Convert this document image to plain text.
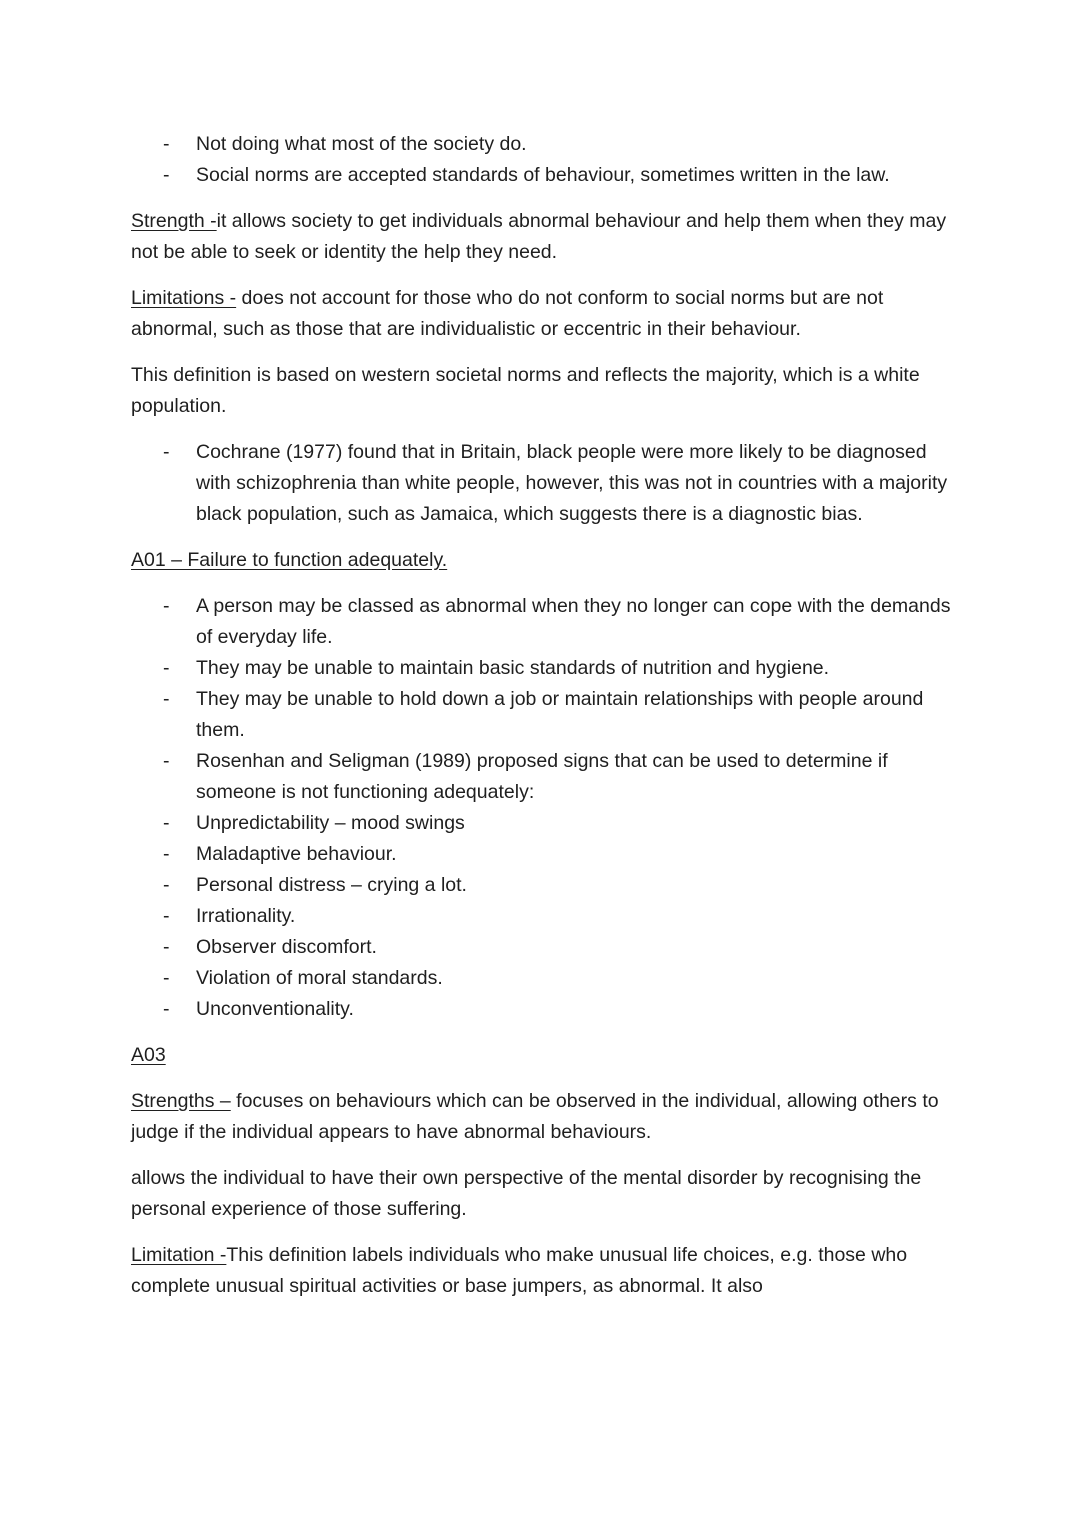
- Not doing what most of the society do.
- Social norms are accepted standards of behaviour, sometimes written in the law.

Strength -it allows society to get individuals abnormal behaviour and help them when they may not be able to seek or identity the help they need.

Limitations - does not account for those who do not conform to social norms but are not abnormal, such as those that are individualistic or eccentric in their behaviour.

This definition is based on western societal norms and reflects the majority, which is a white population.

- Cochrane (1977) found that in Britain, black people were more likely to be diagnosed with schizophrenia than white people, however, this was not in countries with a majority black population, such as Jamaica, which suggests there is a diagnostic bias.
A01 – Failure to function adequately.
- A person may be classed as abnormal when they no longer can cope with the demands of everyday life.
- They may be unable to maintain basic standards of nutrition and hygiene.
- They may be unable to hold down a job or maintain relationships with people around them.
- Rosenhan and Seligman (1989) proposed signs that can be used to determine if someone is not functioning adequately:
- Unpredictability – mood swings
- Maladaptive behaviour.
- Personal distress – crying a lot.
- Irrationality.
- Observer discomfort.
- Violation of moral standards.
- Unconventionality.
A03

Strengths – focuses on behaviours which can be observed in the individual, allowing others to judge if the individual appears to have abnormal behaviours.

allows the individual to have their own perspective of the mental disorder by recognising the personal experience of those suffering.

Limitation -This definition labels individuals who make unusual life choices, e.g. those who complete unusual spiritual activities or base jumpers, as abnormal. It also
